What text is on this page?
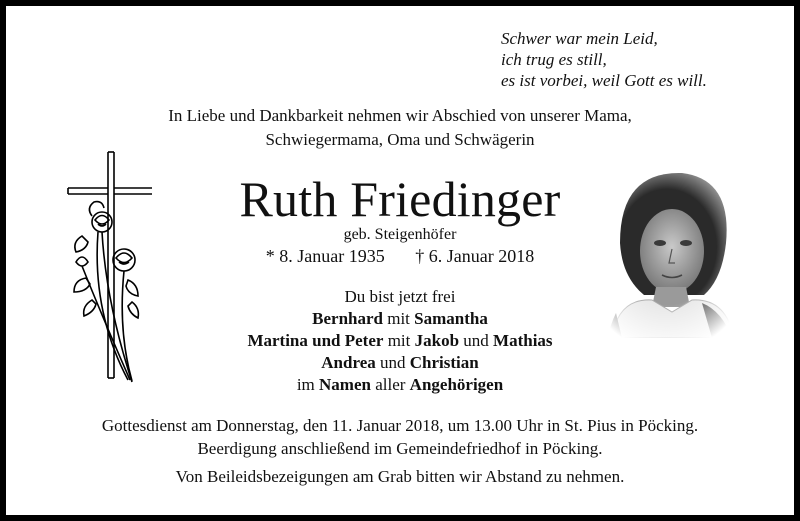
Schwer war mein Leid,
ich trug es still,
es ist vorbei, weil Gott es will.
In Liebe und Dankbarkeit nehmen wir Abschied von unserer Mama,
Schwiegermama, Oma und Schwägerin
Ruth Friedinger
geb. Steigenhöfer
* 8. Januar 1935 † 6. Januar 2018
Du bist jetzt frei
Bernhard mit Samantha
Martina und Peter mit Jakob und Mathias
Andrea und Christian
im Namen aller Angehörigen
Gottesdienst am Donnerstag, den 11. Januar 2018, um 13.00 Uhr in St. Pius in Pöcking.
Beerdigung anschließend im Gemeindefriedhof in Pöcking.
Von Beileidsbezeigungen am Grab bitten wir Abstand zu nehmen.
